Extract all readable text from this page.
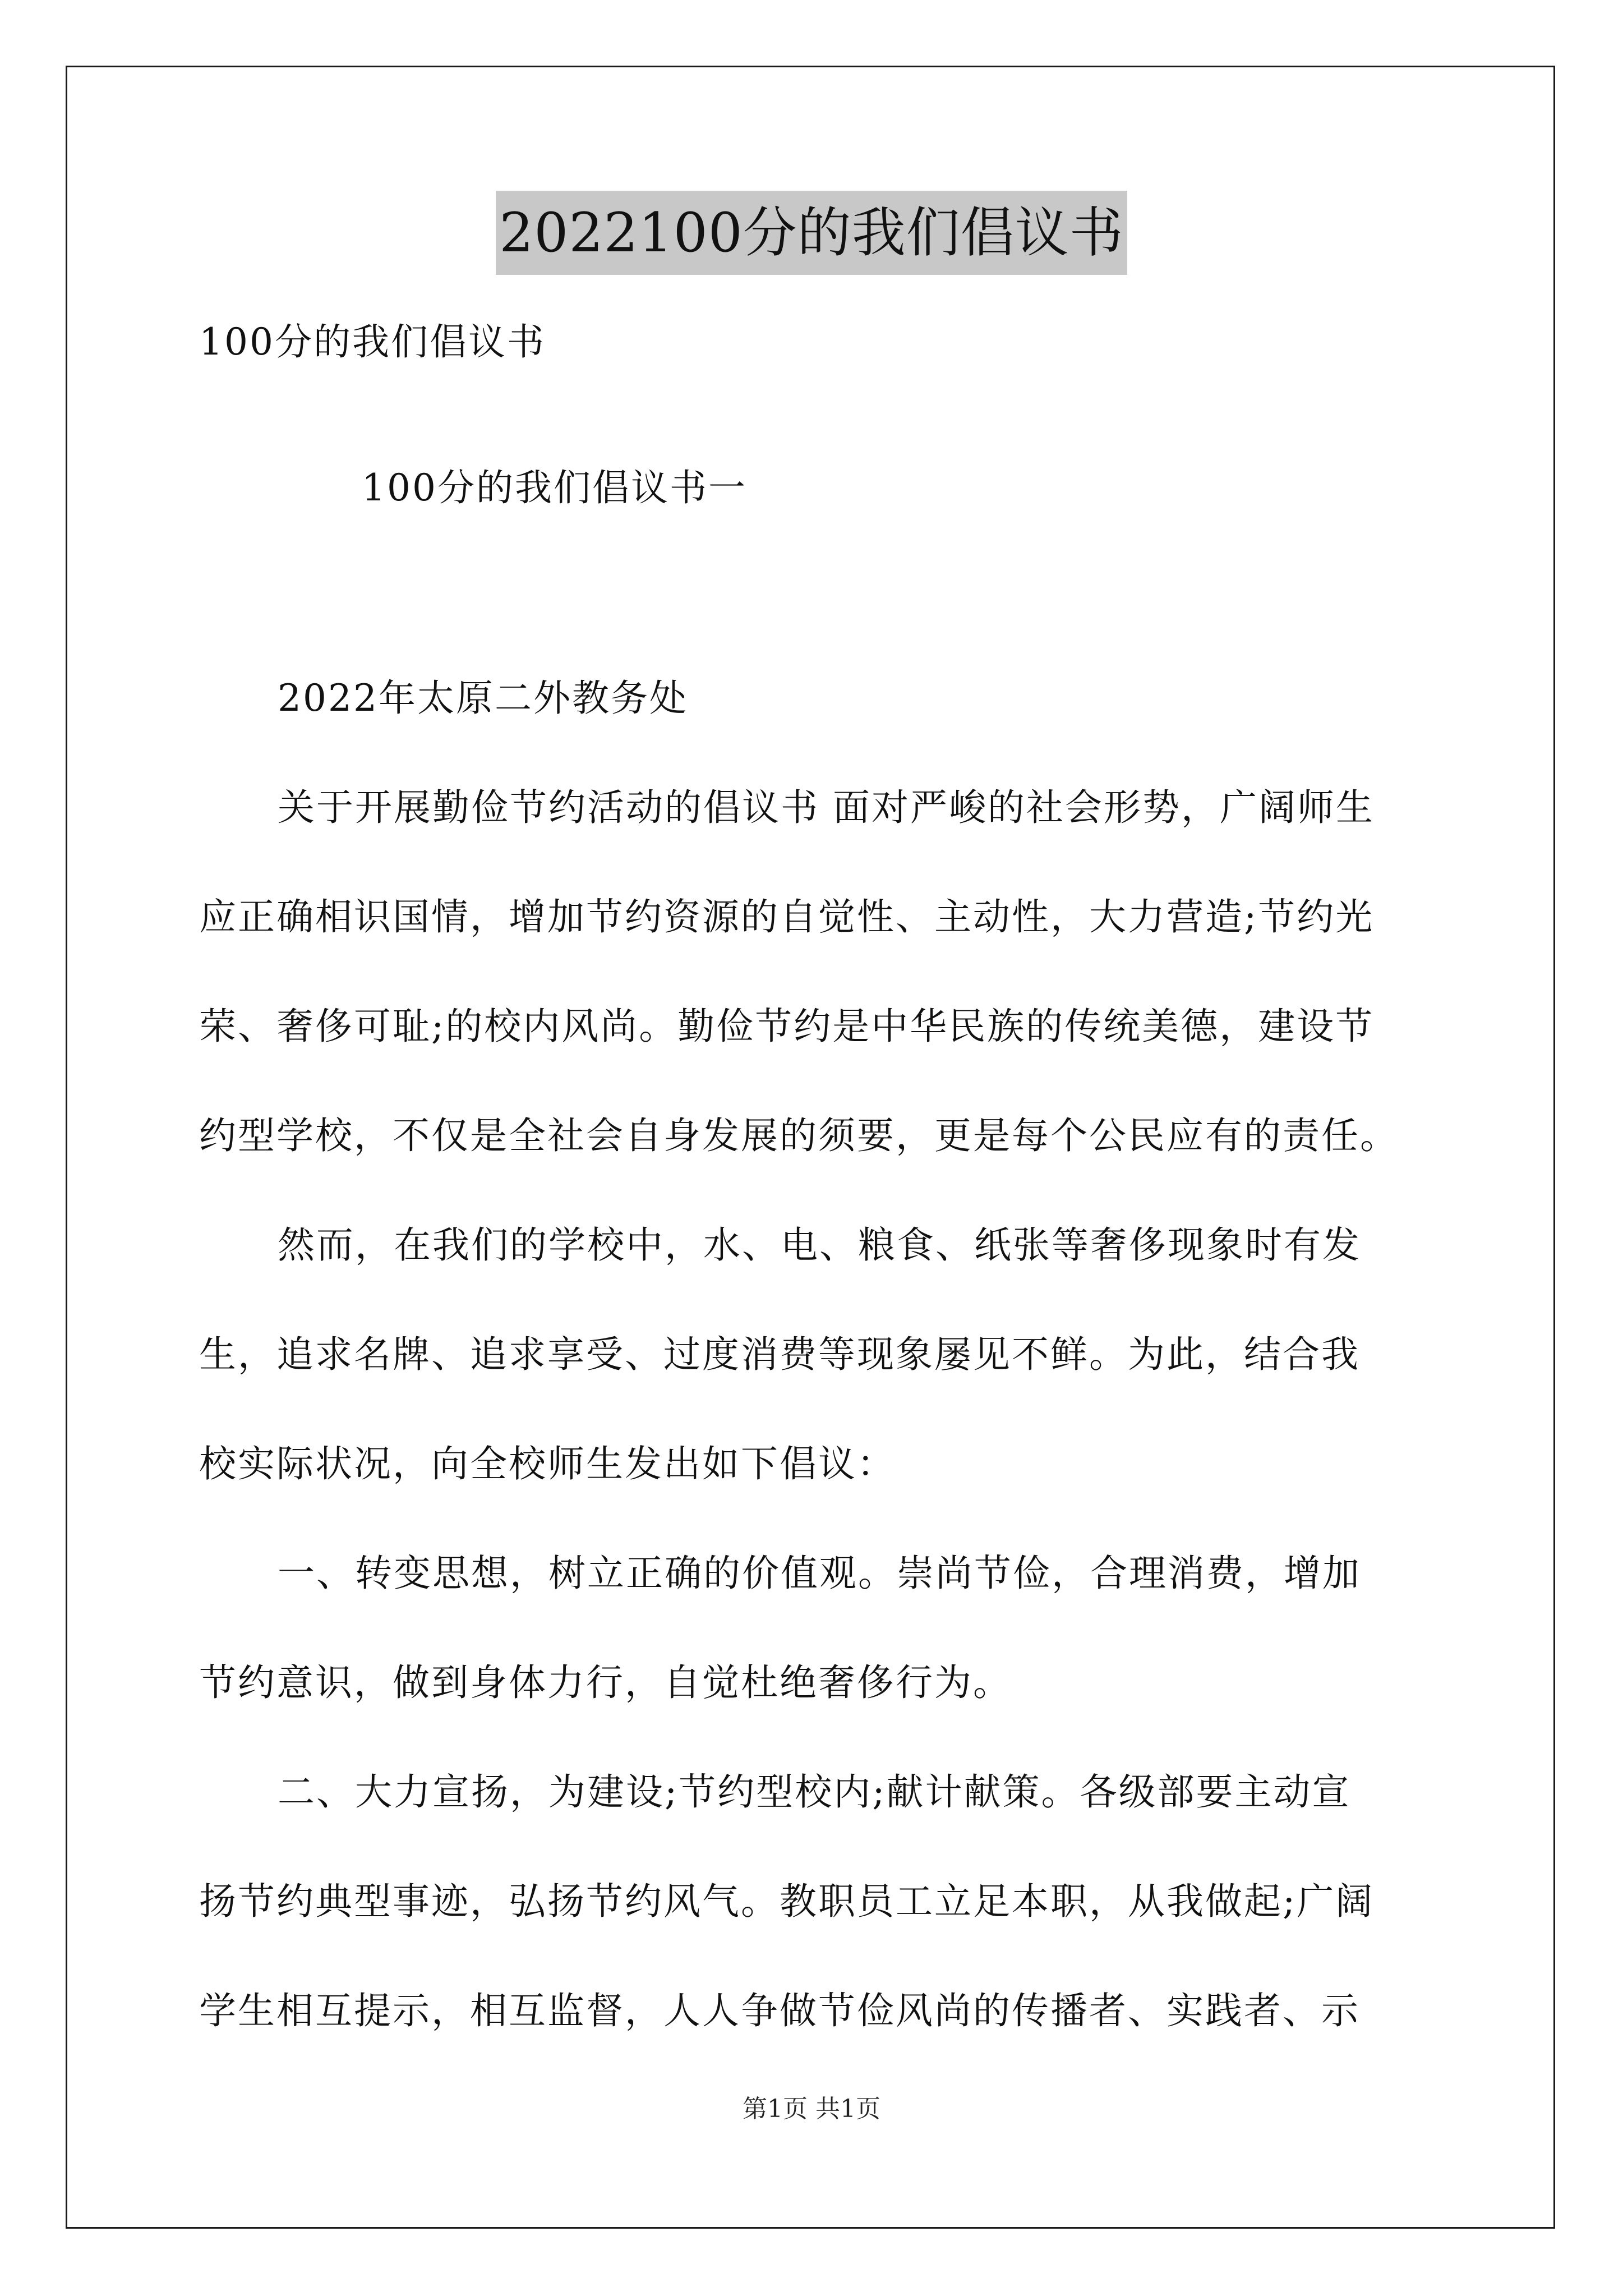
2022100分的我们倡议书
100分的我们倡议书
100分的我们倡议书一
2022年太原二外教务处
关于开展勤俭节约活动的倡议书 面对严峻的社会形势，广阔师生
应正确相识国情，增加节约资源的自觉性、主动性，大力营造;节约光
荣、奢侈可耻;的校内风尚。勤俭节约是中华民族的传统美德，建设节
约型学校，不仅是全社会自身发展的须要，更是每个公民应有的责任。
然而，在我们的学校中，水、电、粮食、纸张等奢侈现象时有发
生，追求名牌、追求享受、过度消费等现象屡见不鲜。为此，结合我
校实际状况，向全校师生发出如下倡议：
一、转变思想，树立正确的价值观。崇尚节俭，合理消费，增加
节约意识，做到身体力行，自觉杜绝奢侈行为。
二、大力宣扬，为建设;节约型校内;献计献策。各级部要主动宣
扬节约典型事迹，弘扬节约风气。教职员工立足本职，从我做起;广阔
学生相互提示，相互监督，人人争做节俭风尚的传播者、实践者、示
第1页 共1页
